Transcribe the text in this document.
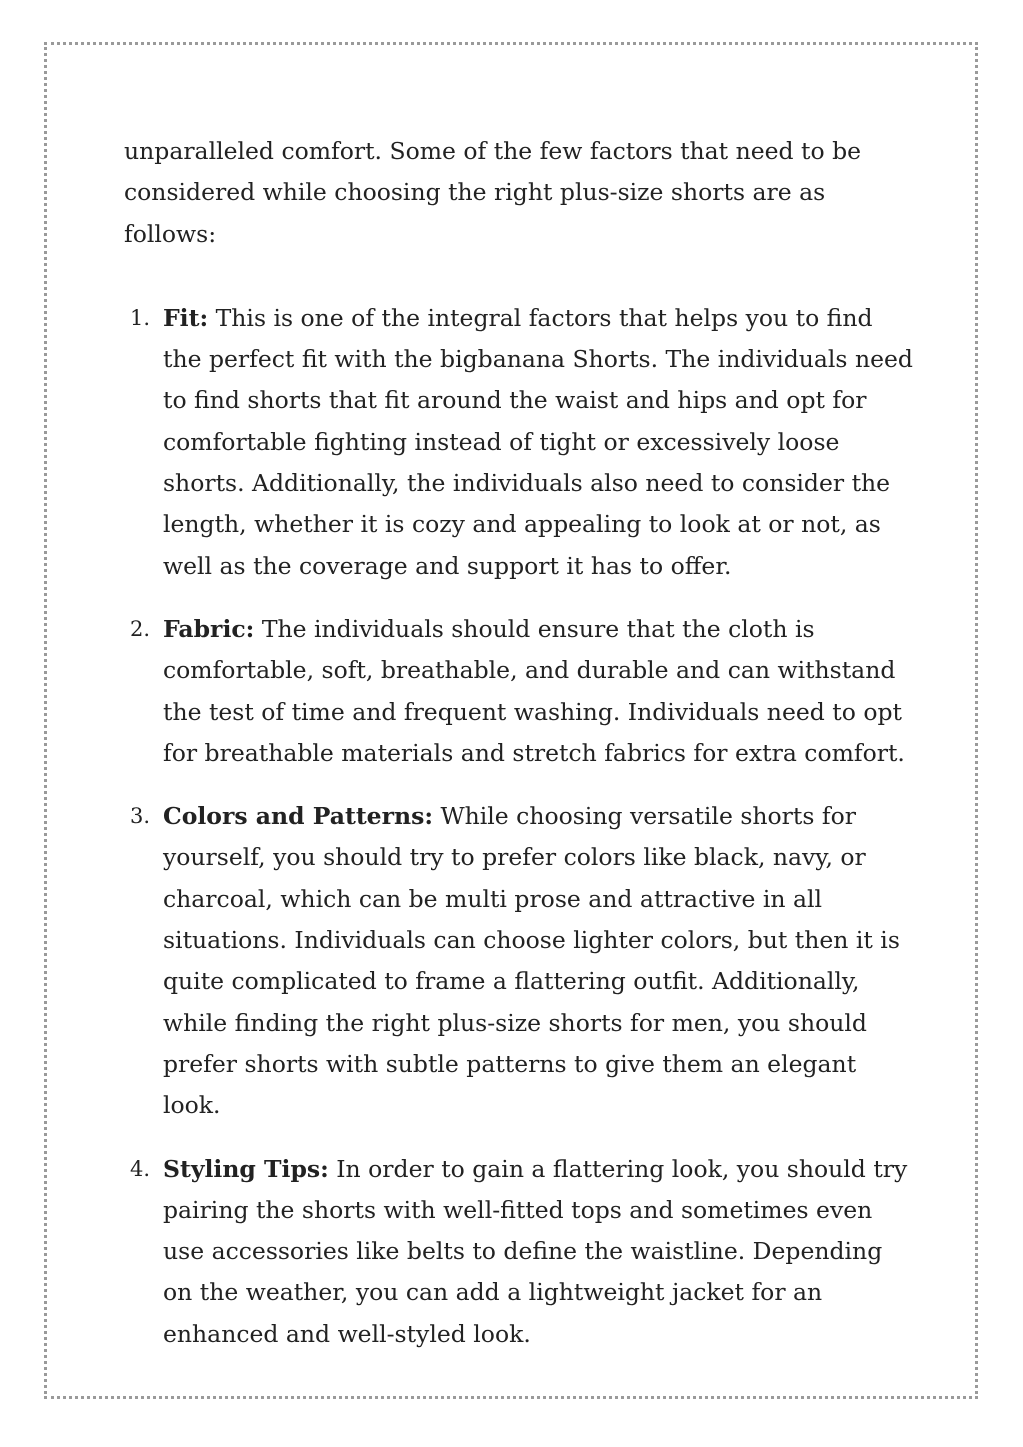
unparalleled comfort. Some of the few factors that need to be considered while choosing the right plus-size shorts are as follows:

1. Fit: This is one of the integral factors that helps you to find the perfect fit with the bigbanana Shorts. The individuals need to find shorts that fit around the waist and hips and opt for comfortable fighting instead of tight or excessively loose shorts. Additionally, the individuals also need to consider the length, whether it is cozy and appealing to look at or not, as well as the coverage and support it has to offer.
2. Fabric: The individuals should ensure that the cloth is comfortable, soft, breathable, and durable and can withstand the test of time and frequent washing. Individuals need to opt for breathable materials and stretch fabrics for extra comfort.
3. Colors and Patterns: While choosing versatile shorts for yourself, you should try to prefer colors like black, navy, or charcoal, which can be multi prose and attractive in all situations. Individuals can choose lighter colors, but then it is quite complicated to frame a flattering outfit. Additionally, while finding the right plus-size shorts for men, you should prefer shorts with subtle patterns to give them an elegant look.
4. Styling Tips: In order to gain a flattering look, you should try pairing the shorts with well-fitted tops and sometimes even use accessories like belts to define the waistline. Depending on the weather, you can add a lightweight jacket for an enhanced and well-styled look.
